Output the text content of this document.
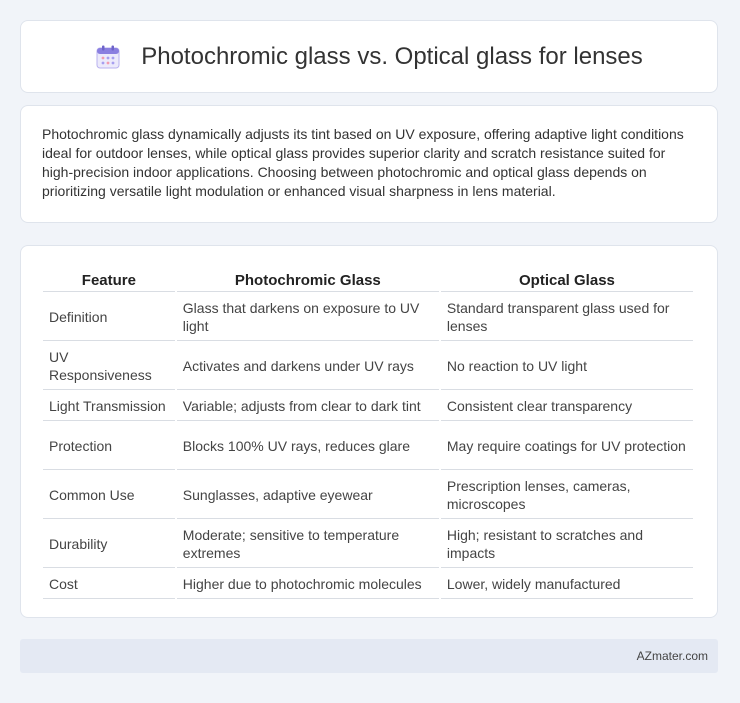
Photochromic glass vs. Optical glass for lenses

Photochromic glass dynamically adjusts its tint based on UV exposure, offering adaptive light conditions ideal for outdoor lenses, while optical glass provides superior clarity and scratch resistance suited for high-precision indoor applications. Choosing between photochromic and optical glass depends on prioritizing versatile light modulation or enhanced visual sharpness in lens material.

Feature	Photochromic Glass	Optical Glass
Definition	Glass that darkens on exposure to UV light	Standard transparent glass used for lenses
UV Responsiveness	Activates and darkens under UV rays	No reaction to UV light
Light Transmission	Variable; adjusts from clear to dark tint	Consistent clear transparency
Protection	Blocks 100% UV rays, reduces glare	May require coatings for UV protection
Common Use	Sunglasses, adaptive eyewear	Prescription lenses, cameras, microscopes
Durability	Moderate; sensitive to temperature extremes	High; resistant to scratches and impacts
Cost	Higher due to photochromic molecules	Lower, widely manufactured
AZmater.com
